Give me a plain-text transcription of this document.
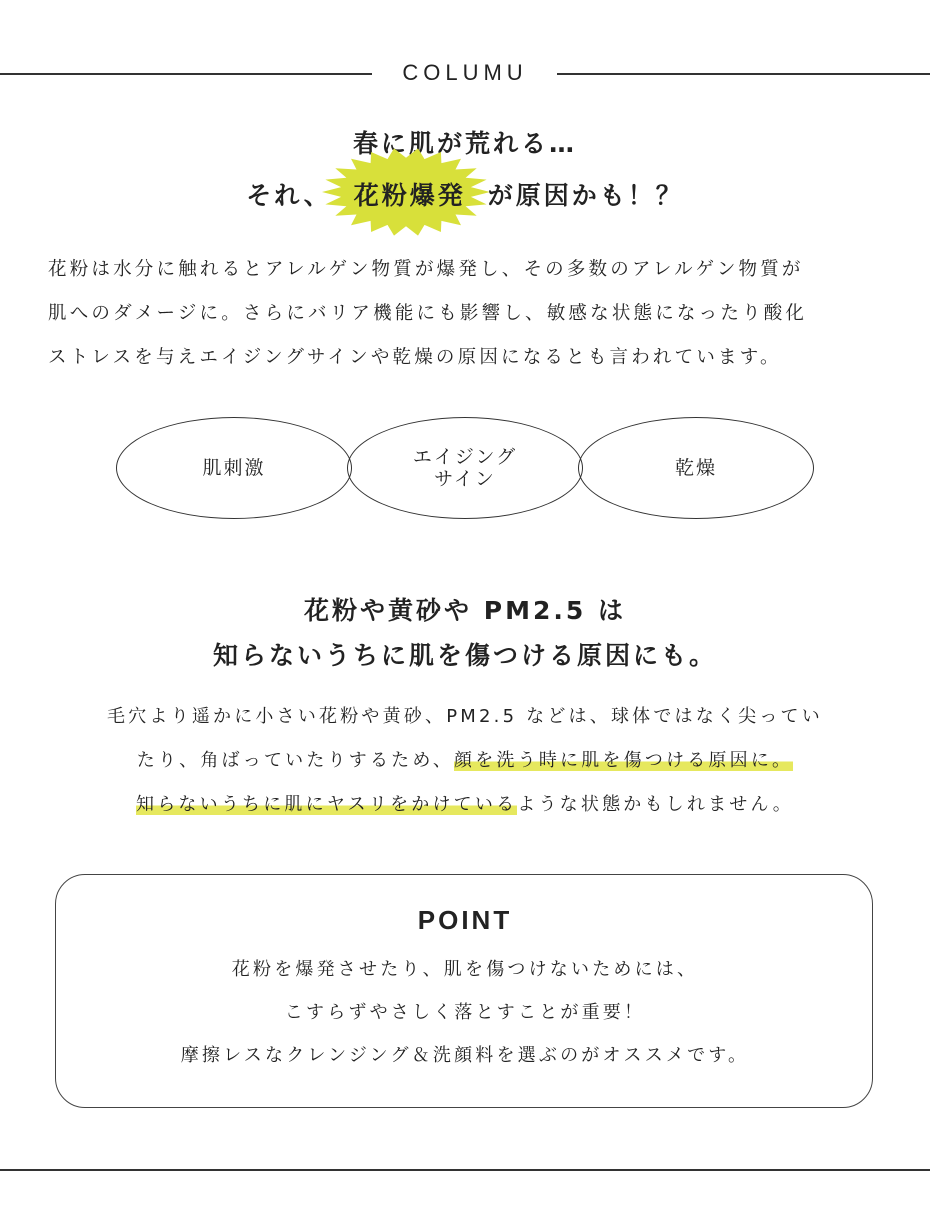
COLUMU
春に肌が荒れる…
それ、 花粉爆発 が原因かも！？
花粉は水分に触れるとアレルゲン物質が爆発し、その多数のアレルゲン物質が
肌へのダメージに。さらにバリア機能にも影響し、敏感な状態になったり酸化
ストレスを与えエイジングサインや乾燥の原因になるとも言われています。
肌刺激	エイジング
サイン	乾燥
花粉や黄砂や PM2.5 は
知らないうちに肌を傷つける原因にも。
毛穴より遥かに小さい花粉や黄砂、PM2.5 などは、球体ではなく尖ってい
たり、角ばっていたりするため、顔を洗う時に肌を傷つける原因に。
知らないうちに肌にヤスリをかけているような状態かもしれません。
POINT
花粉を爆発させたり、肌を傷つけないためには、
こすらずやさしく落とすことが重要！
摩擦レスなクレンジング＆洗顔料を選ぶのがオススメです。
